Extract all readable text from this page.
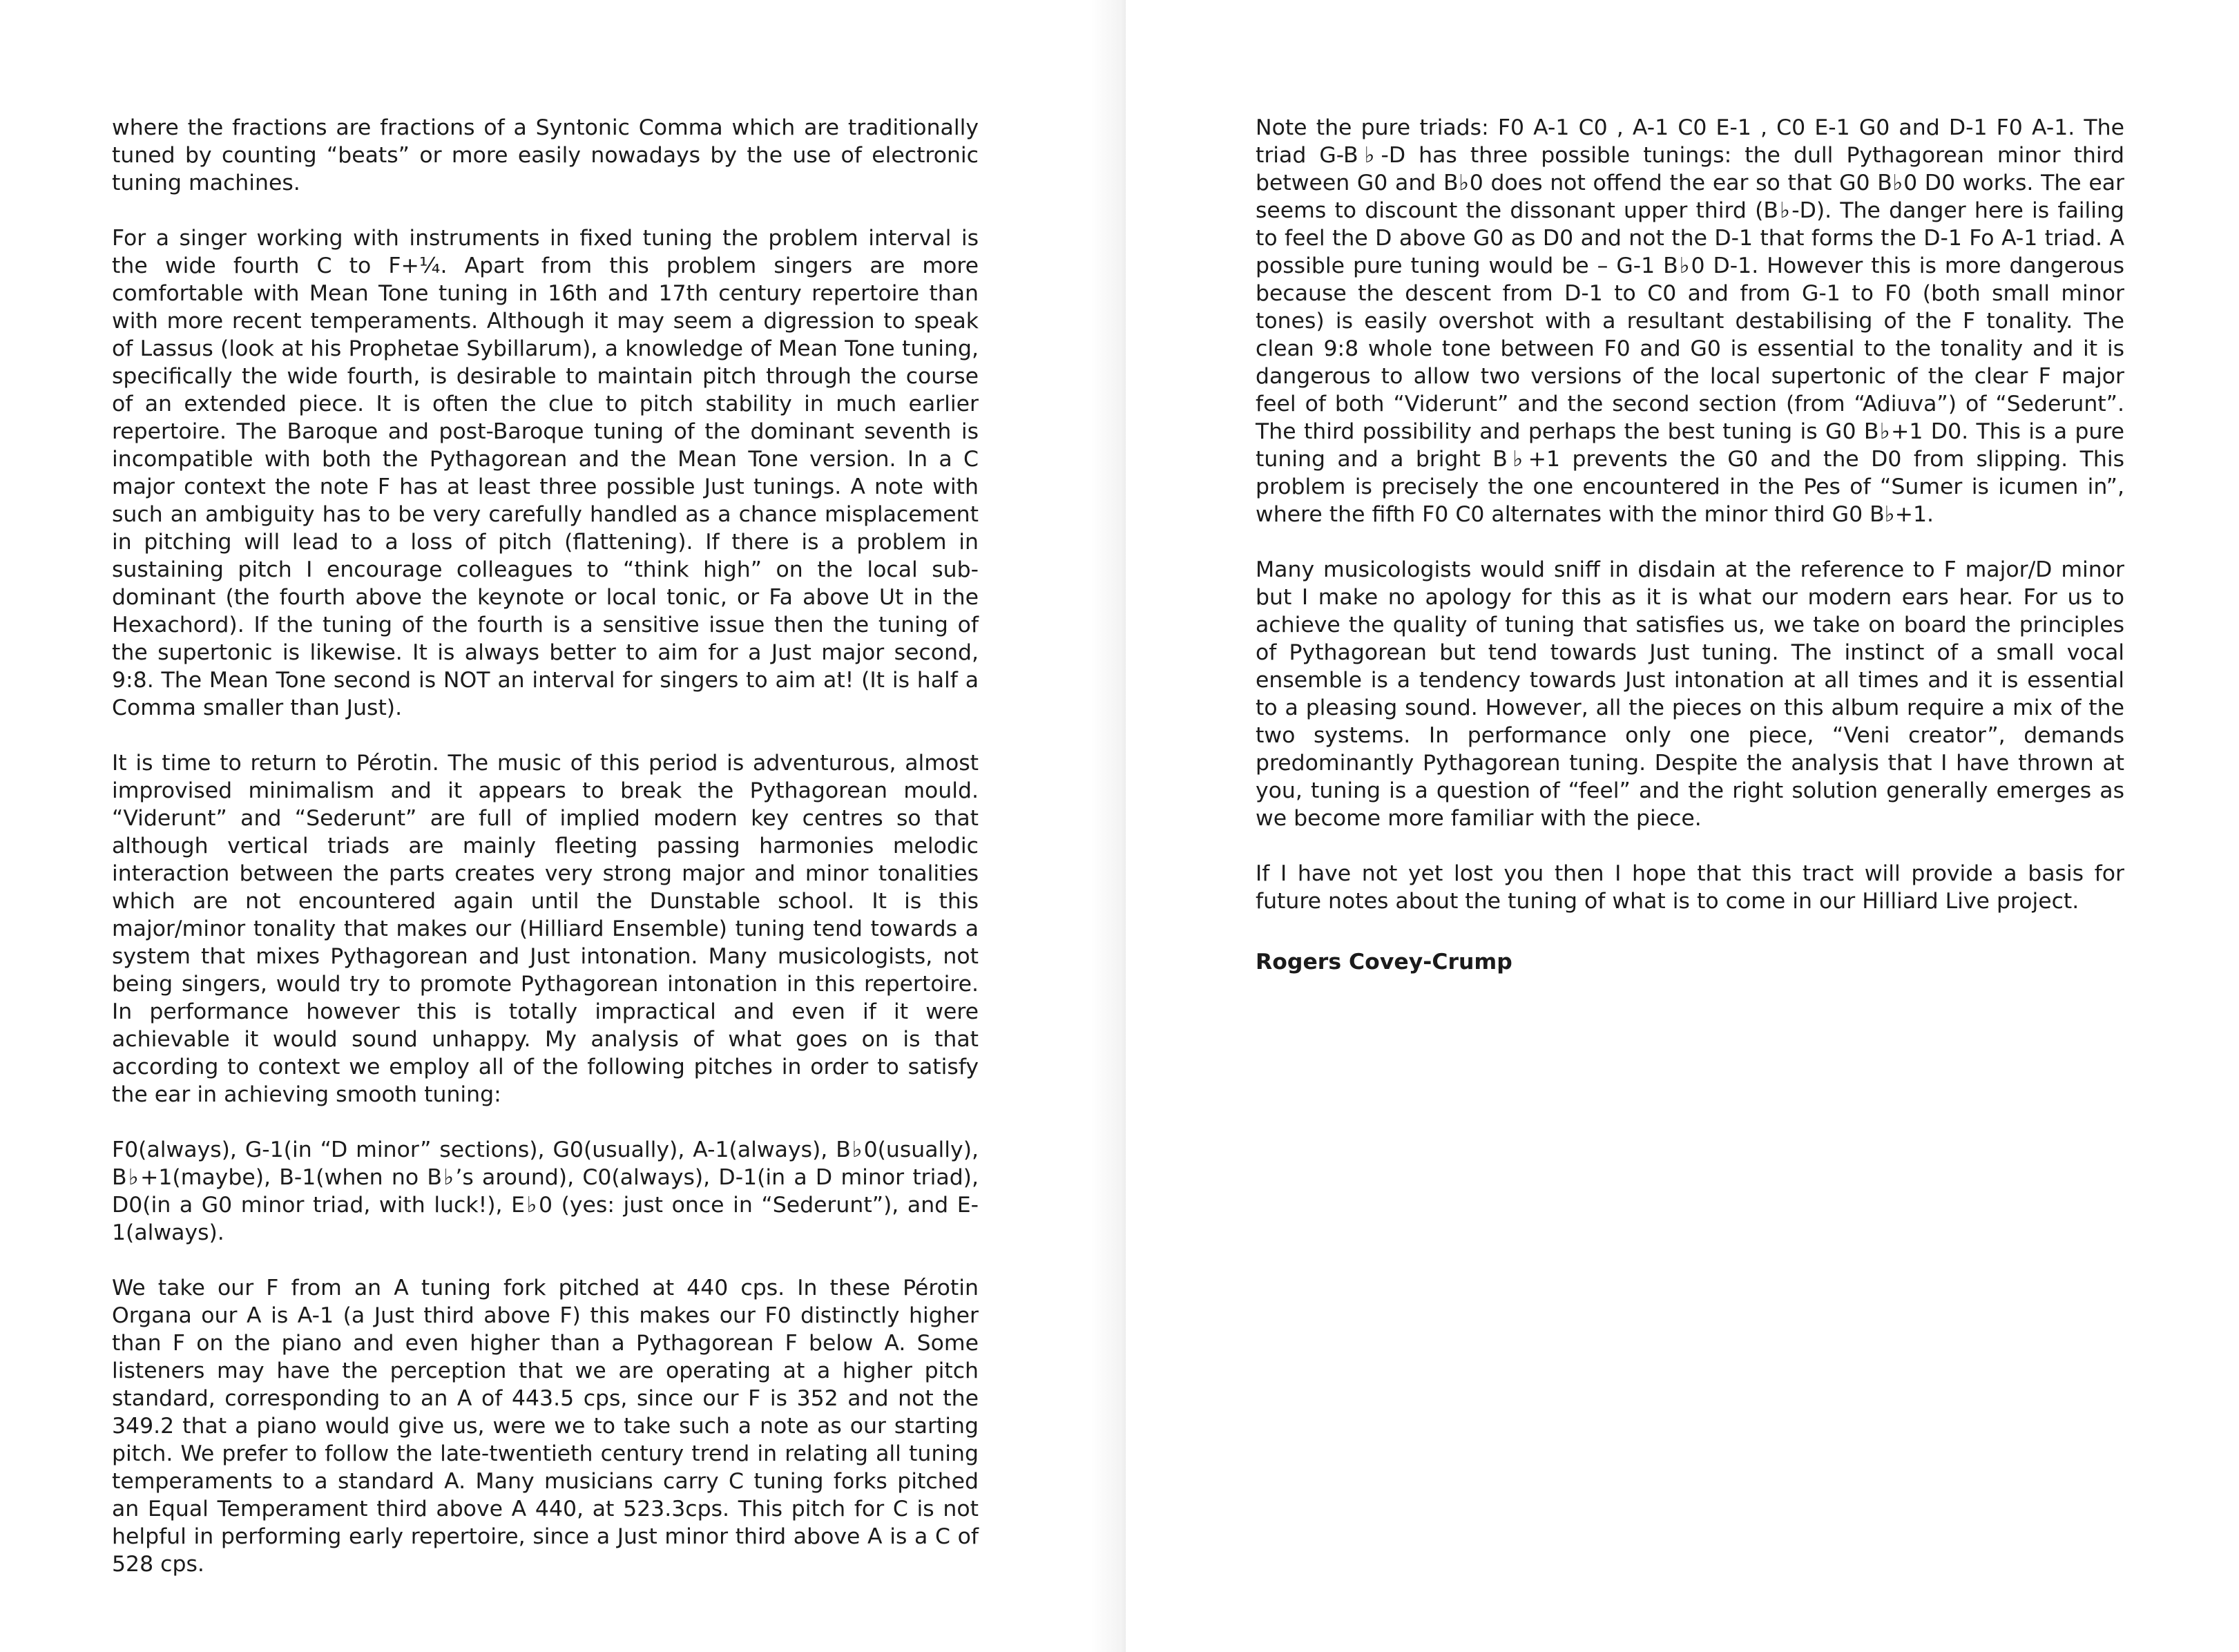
where the fractions are fractions of a Syntonic Comma which are traditionally tuned by counting “beats” or more easily nowadays by the use of electronic tuning machines.

For a singer working with instruments in fixed tuning the problem interval is the wide fourth C to F+¼. Apart from this problem singers are more comfortable with Mean Tone tuning in 16th and 17th century repertoire than with more recent temperaments. Although it may seem a digression to speak of Lassus (look at his Prophetae Sybillarum), a knowledge of Mean Tone tuning, specifically the wide fourth, is desirable to maintain pitch through the course of an extended piece. It is often the clue to pitch stability in much earlier repertoire. The Baroque and post-Baroque tuning of the dominant seventh is incompatible with both the Pythagorean and the Mean Tone version. In a C major context the note F has at least three possible Just tunings. A note with such an ambiguity has to be very carefully handled as a chance misplacement in pitching will lead to a loss of pitch (flattening). If there is a problem in sustaining pitch I encourage colleagues to “think high” on the local sub-dominant (the fourth above the keynote or local tonic, or Fa above Ut in the Hexachord). If the tuning of the fourth is a sensitive issue then the tuning of the supertonic is likewise. It is always better to aim for a Just major second, 9:8. The Mean Tone second is NOT an interval for singers to aim at! (It is half a Comma smaller than Just).

It is time to return to Pérotin. The music of this period is adventurous, almost improvised minimalism and it appears to break the Pythagorean mould. “Viderunt” and “Sederunt” are full of implied modern key centres so that although vertical triads are mainly fleeting passing harmonies melodic interaction between the parts creates very strong major and minor tonalities which are not encountered again until the Dunstable school. It is this major/minor tonality that makes our (Hilliard Ensemble) tuning tend towards a system that mixes Pythagorean and Just intonation. Many musicologists, not being singers, would try to promote Pythagorean intonation in this repertoire. In performance however this is totally impractical and even if it were achievable it would sound unhappy. My analysis of what goes on is that according to context we employ all of the following pitches in order to satisfy the ear in achieving smooth tuning:

F0(always), G-1(in “D minor” sections), G0(usually), A-1(always), B♭0(usually), B♭+1(maybe), B-1(when no B♭’s around), C0(always), D-1(in a D minor triad), D0(in a G0 minor triad, with luck!), E♭0 (yes: just once in “Sederunt”), and E-1(always).

We take our F from an A tuning fork pitched at 440 cps. In these Pérotin Organa our A is A-1 (a Just third above F) this makes our F0 distinctly higher than F on the piano and even higher than a Pythagorean F below A. Some listeners may have the perception that we are operating at a higher pitch standard, corresponding to an A of 443.5 cps, since our F is 352 and not the 349.2 that a piano would give us, were we to take such a note as our starting pitch. We prefer to follow the late-twentieth century trend in relating all tuning temperaments to a standard A. Many musicians carry C tuning forks pitched an Equal Temperament third above A 440, at 523.3cps. This pitch for C is not helpful in performing early repertoire, since a Just minor third above A is a C of 528 cps.

Note the pure triads: F0 A-1 C0 , A-1 C0 E-1 , C0 E-1 G0 and D-1 F0 A-1. The triad G-B♭-D has three possible tunings: the dull Pythagorean minor third between G0 and B♭0 does not offend the ear so that G0 B♭0 D0 works. The ear seems to discount the dissonant upper third (B♭-D). The danger here is failing to feel the D above G0 as D0 and not the D-1 that forms the D-1 Fo A-1 triad. A possible pure tuning would be – G-1 B♭0 D-1. However this is more dangerous because the descent from D-1 to C0 and from G-1 to F0 (both small minor tones) is easily overshot with a resultant destabilising of the F tonality. The clean 9:8 whole tone between F0 and G0 is essential to the tonality and it is dangerous to allow two versions of the local supertonic of the clear F major feel of both “Viderunt” and the second section (from “Adiuva”) of “Sederunt”. The third possibility and perhaps the best tuning is G0 B♭+1 D0. This is a pure tuning and a bright B♭+1 prevents the G0 and the D0 from slipping. This problem is precisely the one encountered in the Pes of “Sumer is icumen in”, where the fifth F0 C0 alternates with the minor third G0 B♭+1.

Many musicologists would sniff in disdain at the reference to F major/D minor but I make no apology for this as it is what our modern ears hear. For us to achieve the quality of tuning that satisfies us, we take on board the principles of Pythagorean but tend towards Just tuning. The instinct of a small vocal ensemble is a tendency towards Just intonation at all times and it is essential to a pleasing sound. However, all the pieces on this album require a mix of the two systems. In performance only one piece, “Veni creator”, demands predominantly Pythagorean tuning. Despite the analysis that I have thrown at you, tuning is a question of “feel” and the right solution generally emerges as we become more familiar with the piece.

If I have not yet lost you then I hope that this tract will provide a basis for future notes about the tuning of what is to come in our Hilliard Live project.

Rogers Covey-Crump
